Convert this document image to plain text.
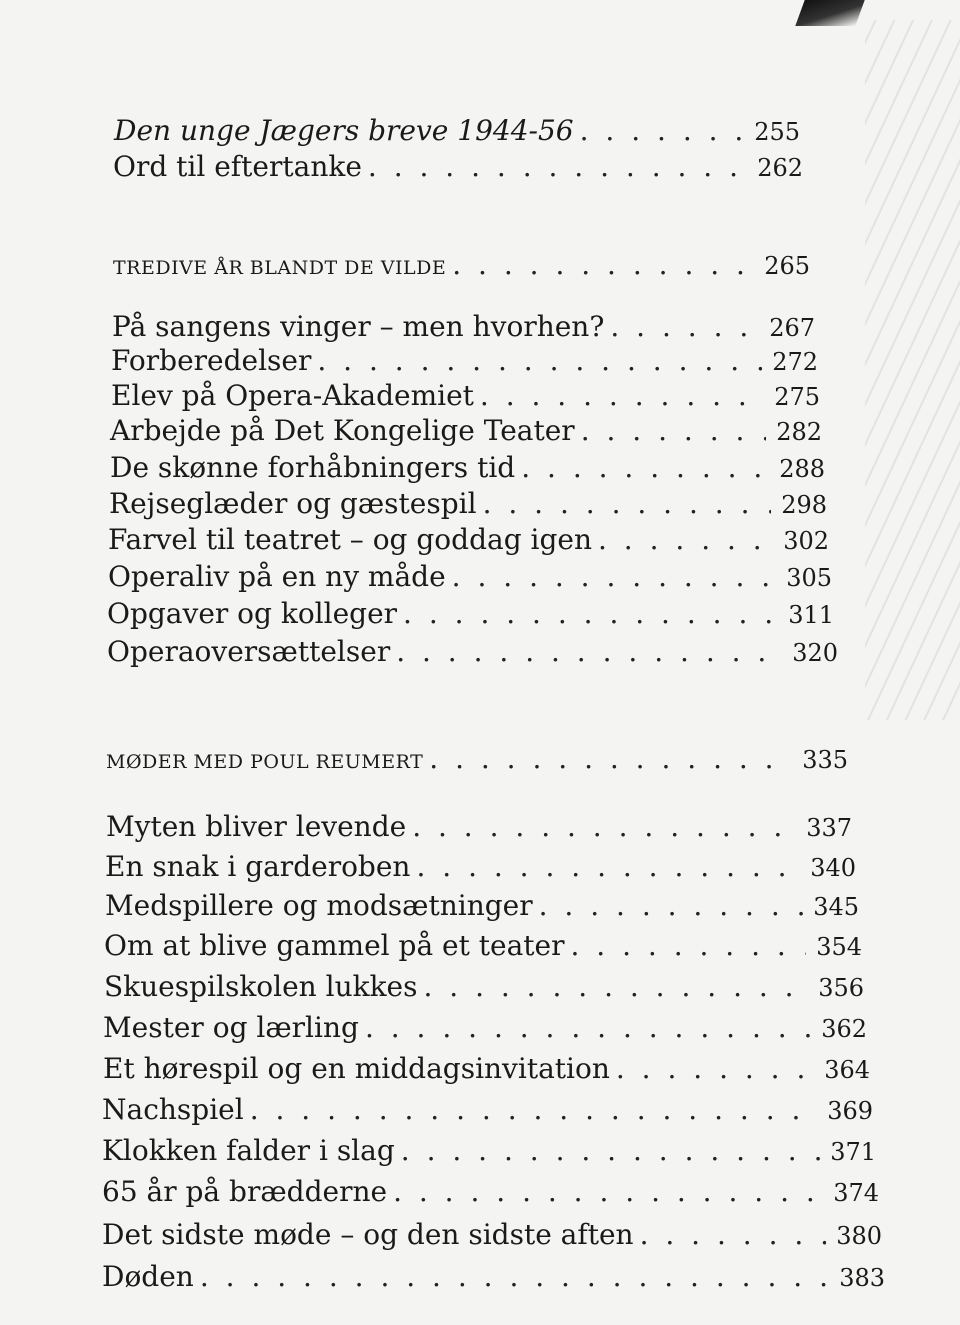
Den unge Jægers breve 1944-56 . . .	255
Ord til eftertanke . . .	262
TREDIVE ÅR BLANDT DE VILDE . . .	265
På sangens vinger – men hvorhen? . . .	267
Forberedelser . . .	272
Elev på Opera-Akademiet . . .	275
Arbejde på Det Kongelige Teater . . .	282
De skønne forhåbningers tid . . .	288
Rejseglæder og gæstespil . . .	298
Farvel til teatret – og goddag igen . . .	302
Operaliv på en ny måde . . .	305
Opgaver og kolleger . . .	311
Operaoversættelser . . .	320
MØDER MED POUL REUMERT . . .	335
Myten bliver levende . . .	337
En snak i garderoben . . .	340
Medspillere og modsætninger . . .	345
Om at blive gammel på et teater . . .	354
Skuespilskolen lukkes . . .	356
Mester og lærling . . .	362
Et hørespil og en middagsinvitation . . .	364
Nachspiel . . .	369
Klokken falder i slag . . .	371
65 år på brædderne . . .	374
Det sidste møde – og den sidste aften . . .	380
Døden . . .	383
